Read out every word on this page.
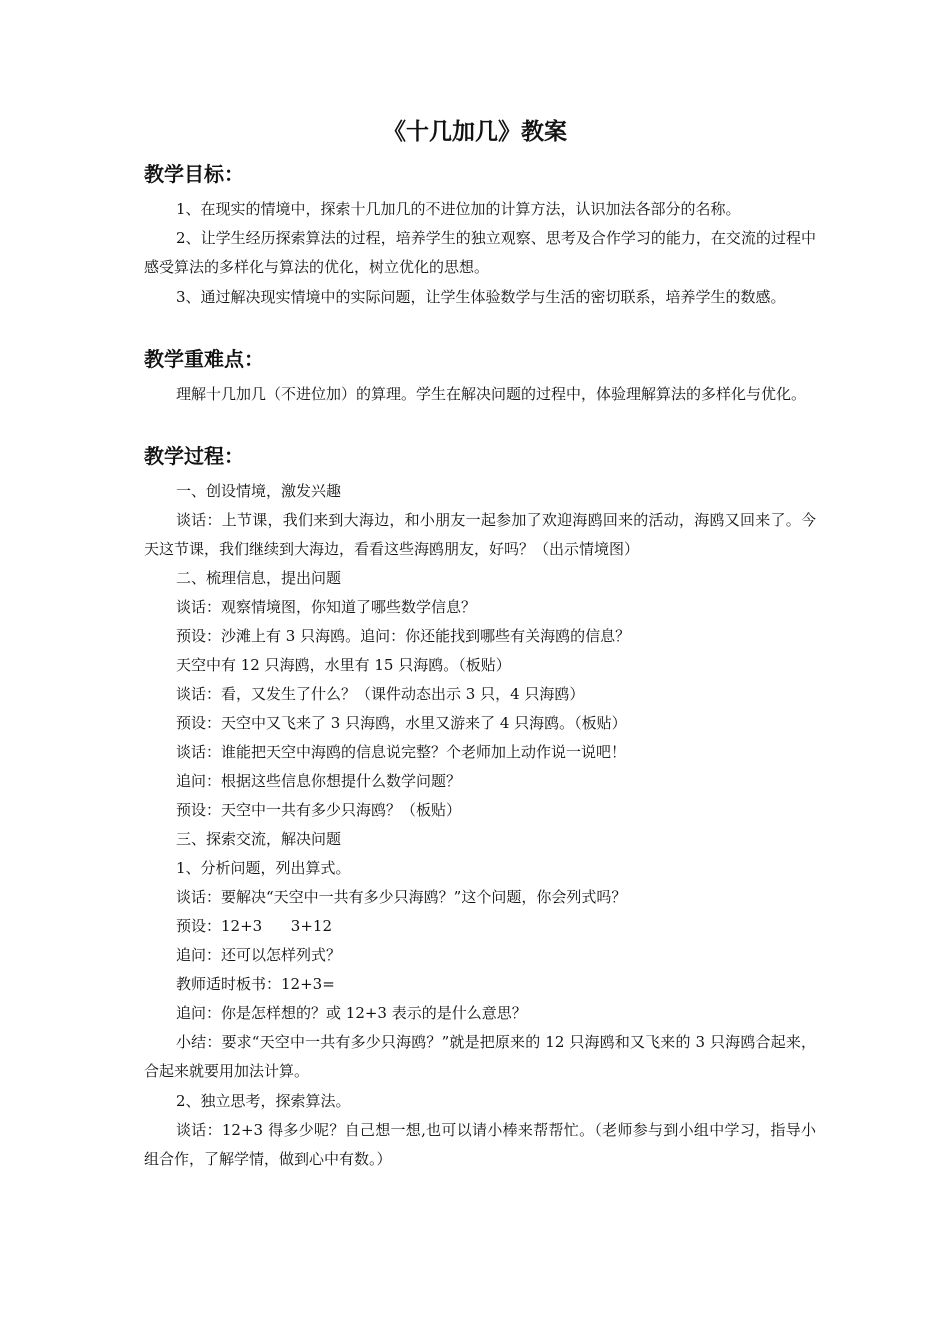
《十几加几》教案
教学目标：

1、在现实的情境中，探索十几加几的不进位加的计算方法，认识加法各部分的名称。

2、让学生经历探索算法的过程，培养学生的独立观察、思考及合作学习的能力，在交流的过程中感受算法的多样化与算法的优化，树立优化的思想。

3、通过解决现实情境中的实际问题，让学生体验数学与生活的密切联系，培养学生的数感。

教学重难点：

理解十几加几（不进位加）的算理。学生在解决问题的过程中，体验理解算法的多样化与优化。

教学过程：

一、创设情境，激发兴趣

谈话：上节课，我们来到大海边，和小朋友一起参加了欢迎海鸥回来的活动，海鸥又回来了。今天这节课，我们继续到大海边，看看这些海鸥朋友，好吗？（出示情境图）

二、梳理信息，提出问题

谈话：观察情境图，你知道了哪些数学信息？

预设：沙滩上有 3 只海鸥。追问：你还能找到哪些有关海鸥的信息？

天空中有 12 只海鸥，水里有 15 只海鸥。（板贴）

谈话：看，又发生了什么？（课件动态出示 3 只，4 只海鸥）

预设：天空中又飞来了 3 只海鸥，水里又游来了 4 只海鸥。（板贴）

谈话：谁能把天空中海鸥的信息说完整？个老师加上动作说一说吧！

追问：根据这些信息你想提什么数学问题？

预设：天空中一共有多少只海鸥？（板贴）

三、探索交流，解决问题

1、分析问题，列出算式。

谈话：要解决“天空中一共有多少只海鸥？”这个问题，你会列式吗？

预设：12+3      3+12

追问：还可以怎样列式？

教师适时板书：12+3=

追问：你是怎样想的？或 12+3 表示的是什么意思？

小结：要求“天空中一共有多少只海鸥？”就是把原来的 12 只海鸥和又飞来的 3 只海鸥合起来，合起来就要用加法计算。

2、独立思考，探索算法。

谈话：12+3 得多少呢？自己想一想,也可以请小棒来帮帮忙。（老师参与到小组中学习，指导小组合作，了解学情，做到心中有数。）
